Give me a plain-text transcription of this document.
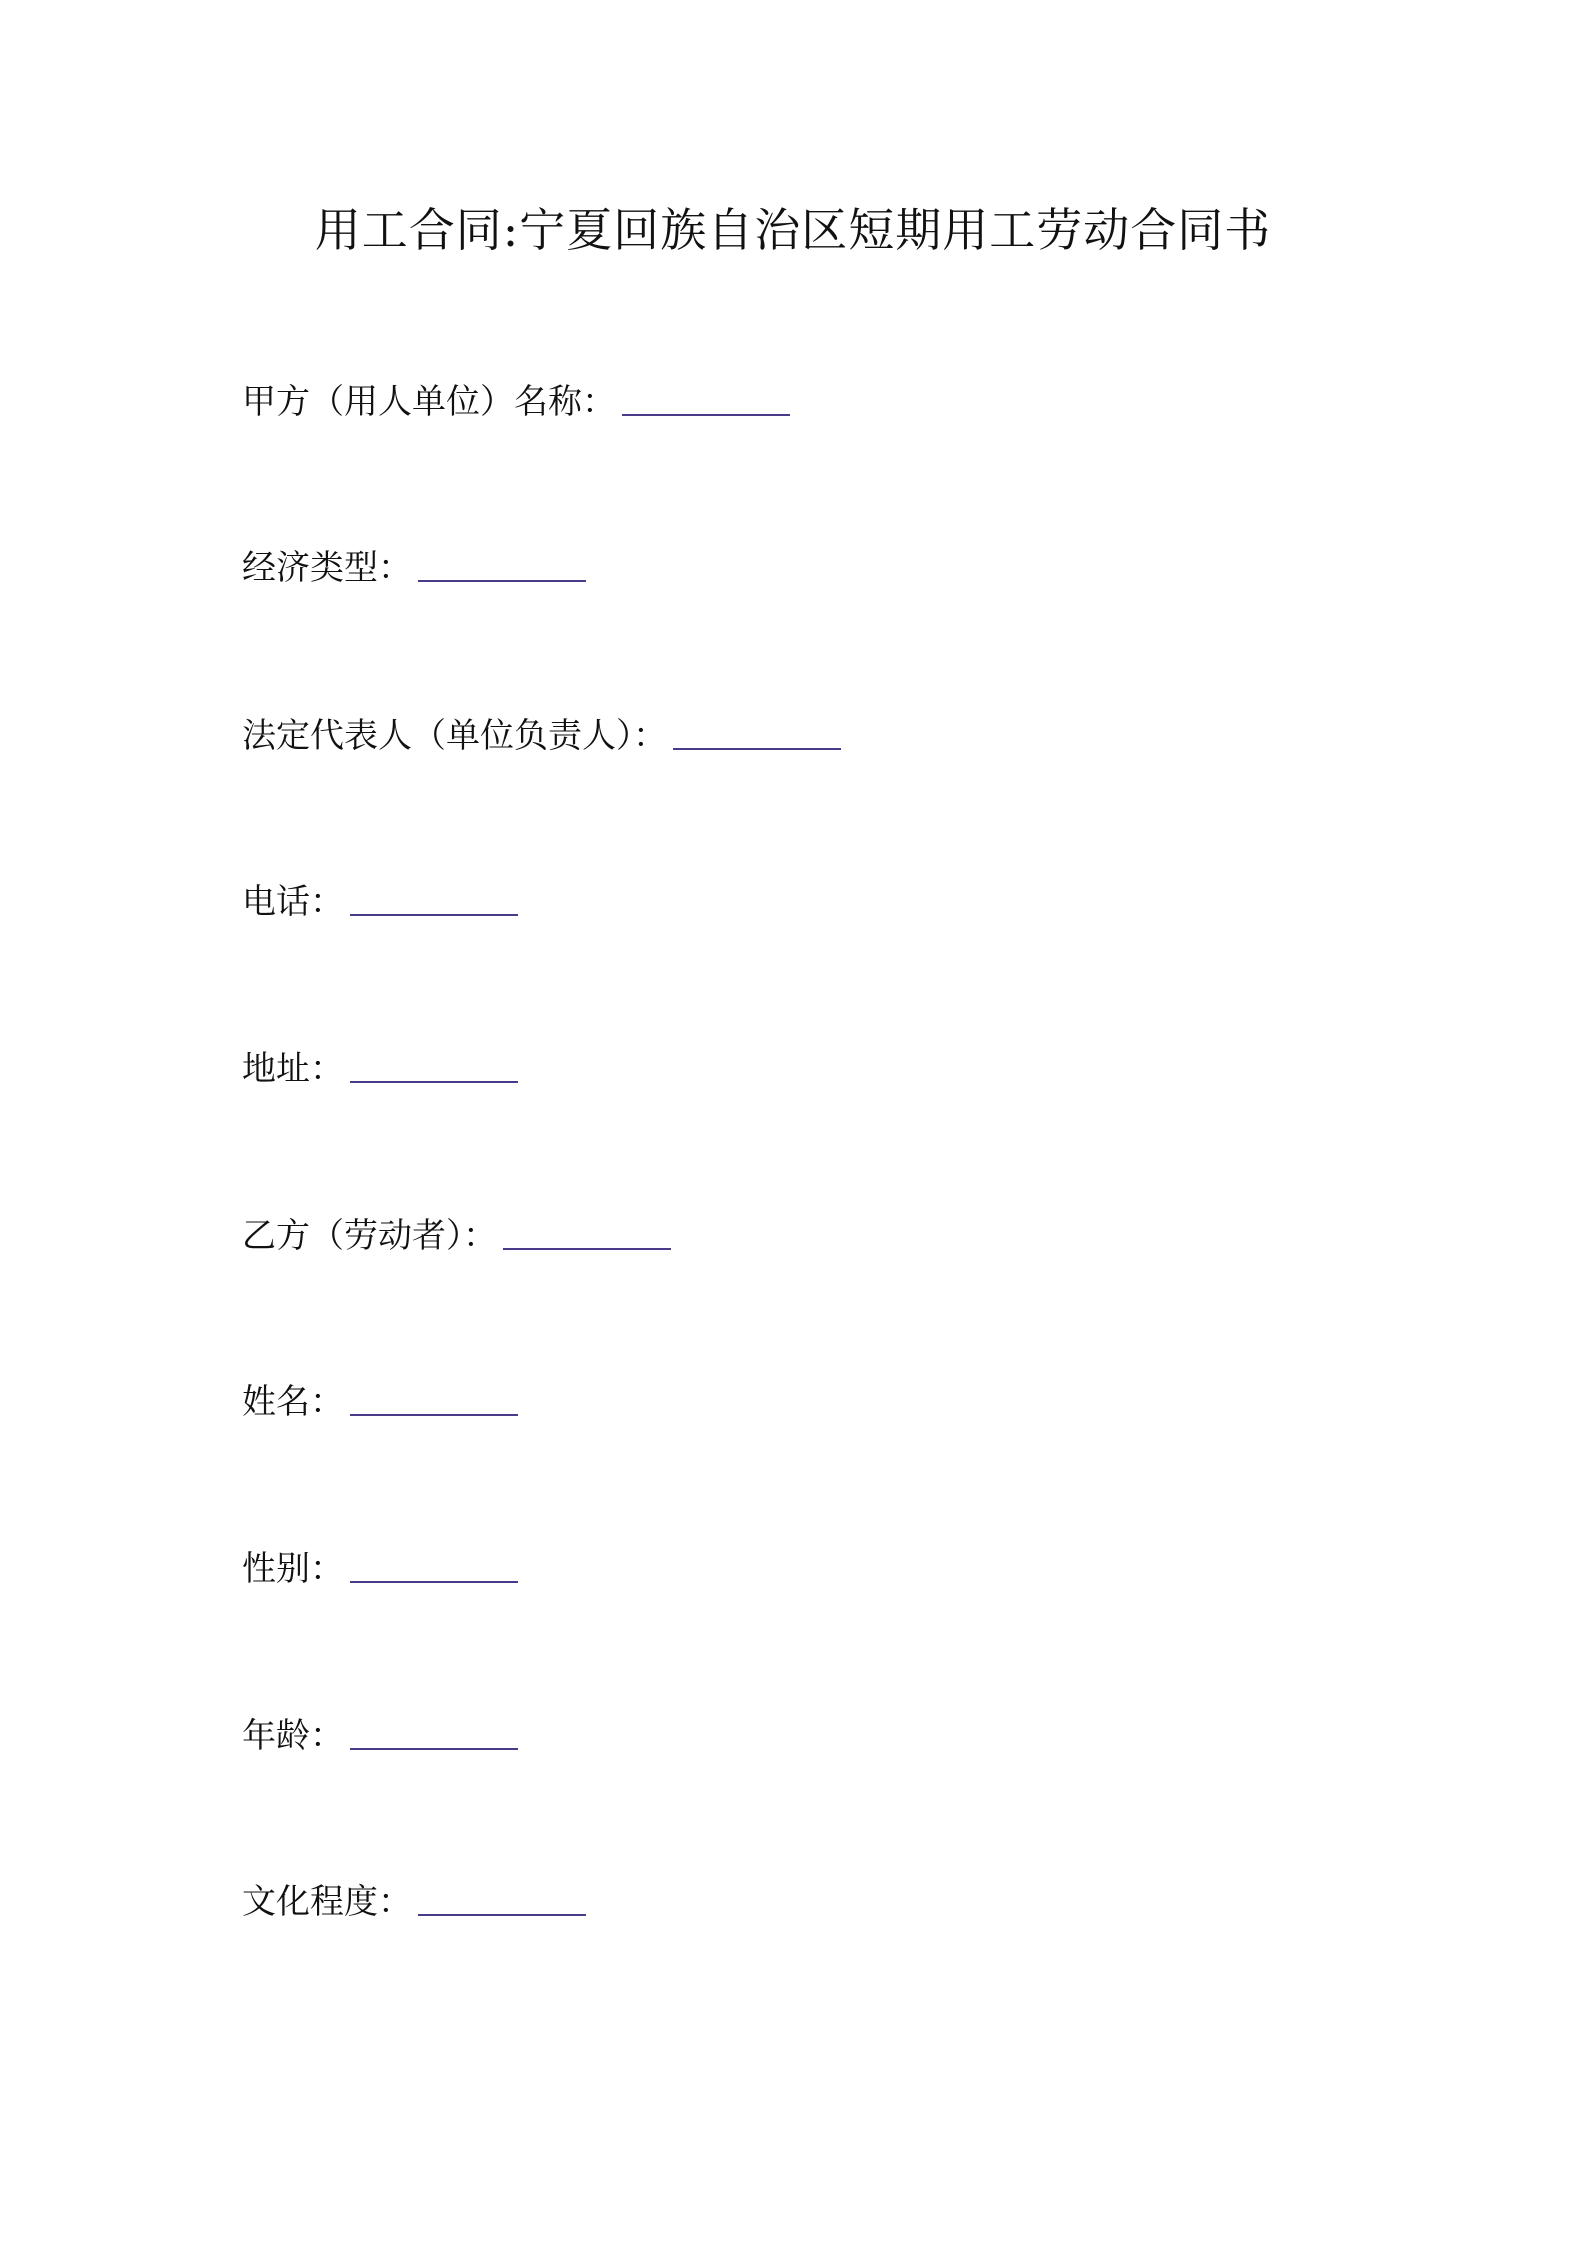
用工合同:宁夏回族自治区短期用工劳动合同书
甲方（用人单位）名称：
经济类型：
法定代表人（单位负责人）：
电话：
地址：
乙方（劳动者）：
姓名：
性别：
年龄：
文化程度：
